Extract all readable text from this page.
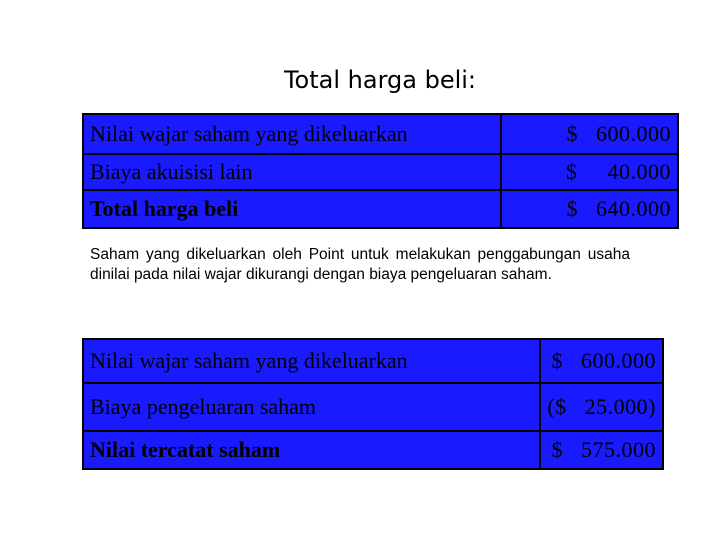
Total harga beli:
Nilai wajar saham yang dikeluarkan	$   600.000
Biaya akuisisi lain	$     40.000
Total harga beli	$   640.000
Saham yang dikeluarkan oleh Point untuk melakukan penggabungan usaha dinilai pada nilai wajar dikurangi dengan biaya pengeluaran saham.
Nilai wajar saham yang dikeluarkan	$   600.000
Biaya pengeluaran saham	($   25.000)
Nilai tercatat saham	$   575.000
